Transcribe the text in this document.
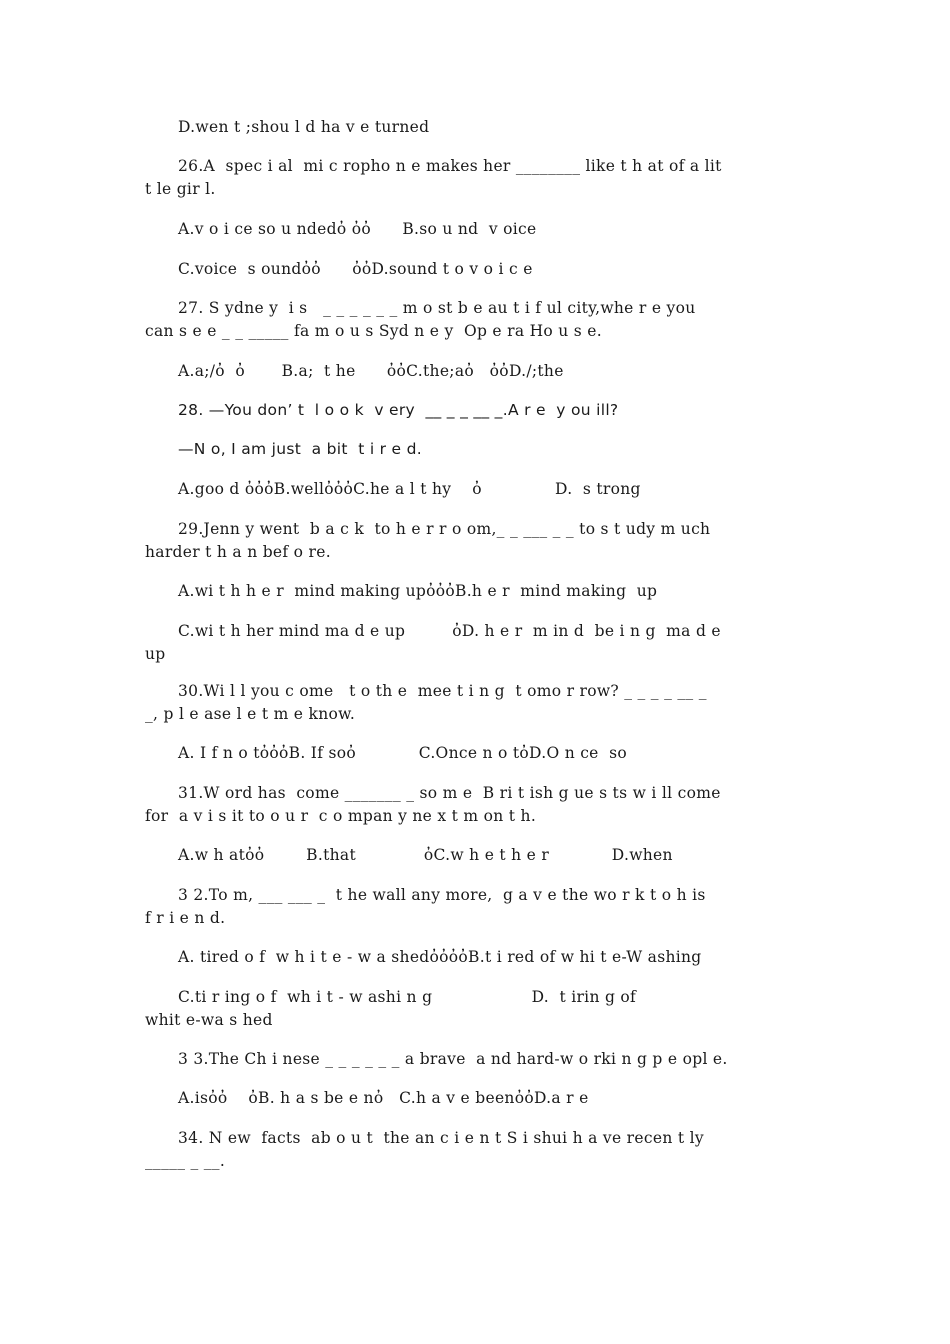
D.wen t ;shou l d ha v e turned
26.A  spec i al  mi c ropho n e makes her ________ like t h at of a lit
t le gir l.
A.v o i ce so u ndedὀ ὀὀ      B.so u nd  v oice
C.voice  s oundὀὀ      ὀὀD.sound t o v o i c e
27. S ydne y  i s   _ _ _ _ _ _ m o st b e au t i f ul city,whe r e you
can s e e _ _ _____ fa m o u s Syd n e y  Op e ra Ho u s e.
A.a;/ὀ  ὀ       B.a;  t he      ὀὀC.the;aὀ   ὀὀD./;the
28. —You don’ t  l o o k  v ery  __ _ _ __ _.A r e  y ou ill?
—N o, I am just  a bit  t i r e d.
A.goo d ὀὀὀB.wellὀὀὀC.he a l t hy    ὀ              D.  s trong
29.Jenn y went  b a c k  to h e r r o om,_ _ ___ _ _ to s t udy m uch
harder t h a n bef o re.
A.wi t h h e r  mind making upὀὀὀB.h e r  mind making  up
C.wi t h her mind ma d e up         ὀD. h e r  m in d  be i n g  ma d e
up
30.Wi l l you c ome   t o th e  mee t i n g  t omo r row? _ _ _ _ __ _
_, p l e ase l e t m e know.
A. I f n o tὀὀὀB. If soὀ            C.Once n o tὀD.O n ce  so
31.W ord has  come _______ _ so m e  B ri t ish g ue s ts w i ll come
for  a v i s it to o u r  c o mpan y ne x t m on t h.
A.w h atὀὀ        B.that             ὀC.w h e t h e r            D.when
3 2.To m, ___ ___ _  t he wall any more,  g a v e the wo r k t o h is
f r i e n d.
A. tired o f  w h i t e - w a shedὀὀὀὀB.t i red of w hi t e-W ashing
C.ti r ing o f  wh i t - w ashi n g                   D.  t irin g of
whit e-wa s hed
3 3.The Ch i nese _ _ _ _ _ _ a brave  a nd hard-w o rki n g p e opl e.
A.isὀὀ    ὀB. h a s be e nὀ   C.h a v e beenὀὀD.a r e
34. N ew  facts  ab o u t  the an c i e n t S i shui h a ve recen t ly
_____ _ __.
